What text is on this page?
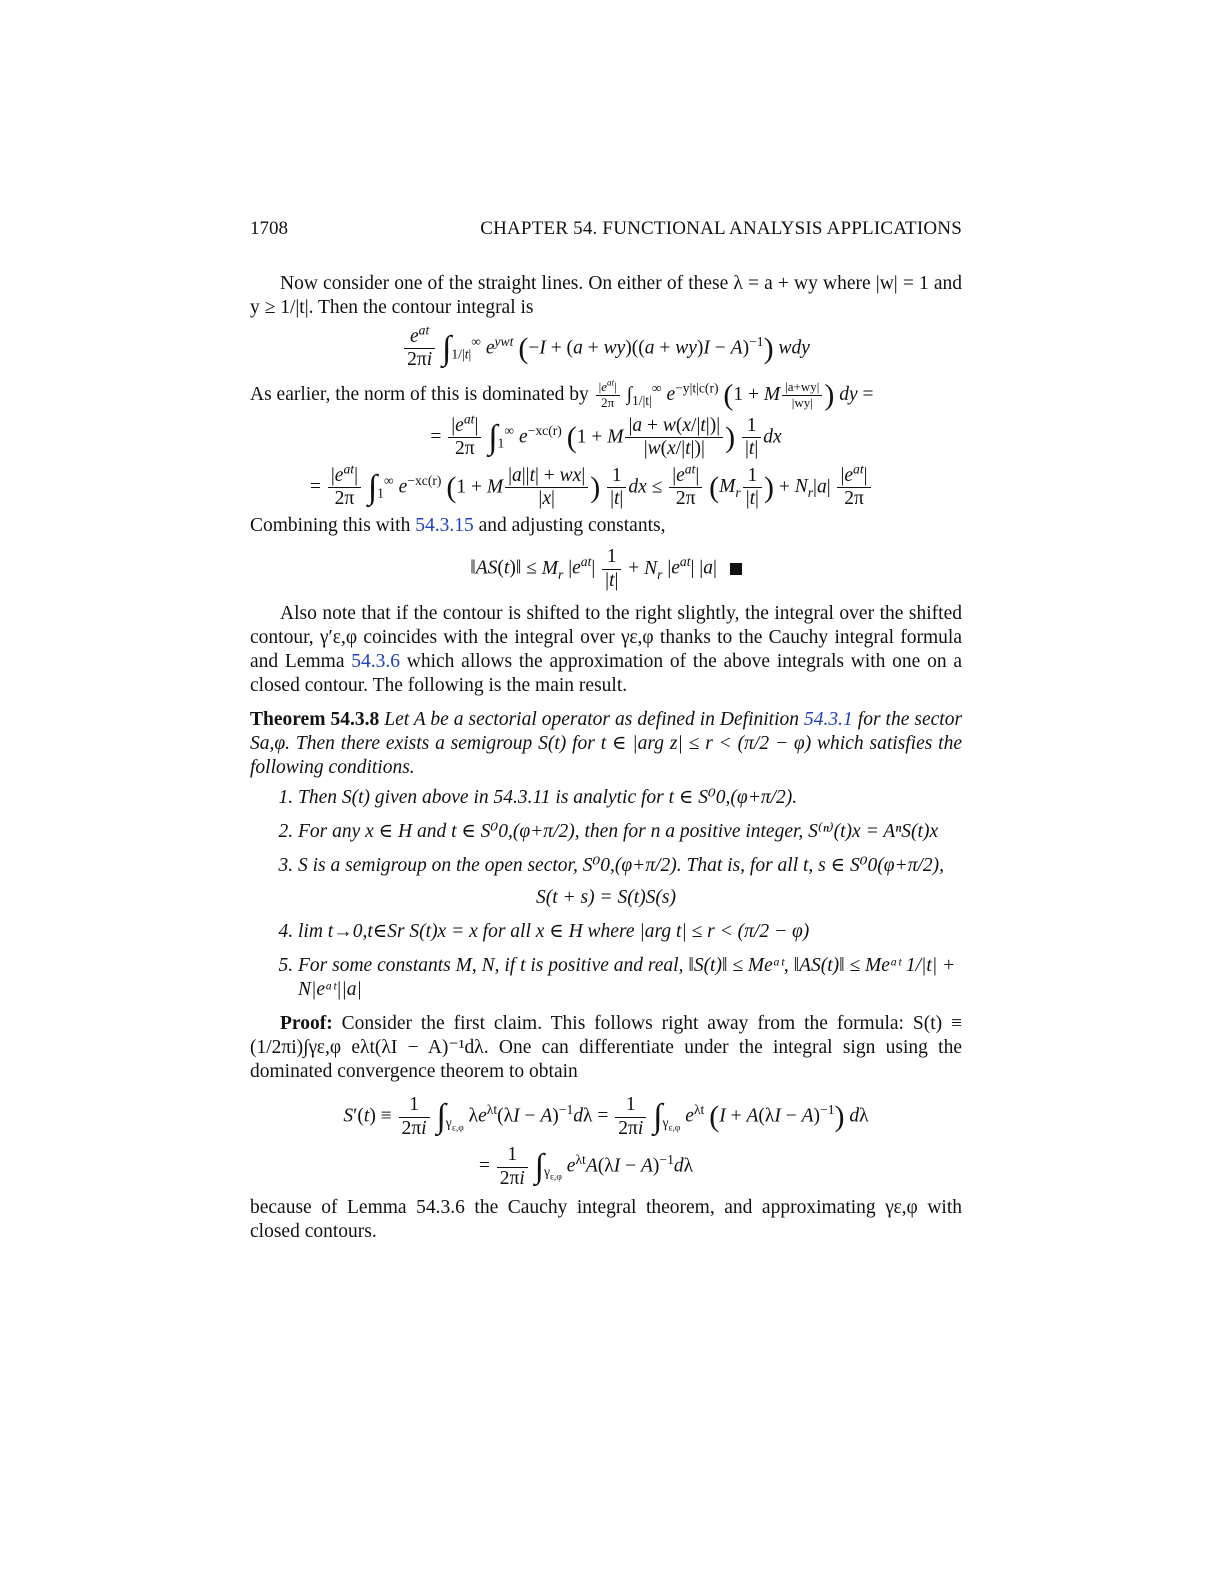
1708	CHAPTER 54. FUNCTIONAL ANALYSIS APPLICATIONS

Now consider one of the straight lines. On either of these λ = a + wy where |w| = 1 and y ≥ 1/|t|. Then the contour integral is

$\frac{e^{at}}{2\pi i} \int_{1/|t|}^\infty$ $e^{ywt}$ $(-I + (a + wy)((a + wy)I - A)^{-1})$ wdy

As earlier, the norm of this is dominated by $\frac{|e^{at}|}{2\pi} \int_{1/|t|}^\infty$ $e^{-y|t|c(r)}$ (1 + M $\frac{|a+wy|}{|wy|}$ ) dy =

= $\frac{|e^{at}|}{2\pi} \int_1^\infty$ $e^{-xc(r)}$ (1 + M $\frac{|a + w(x/|t|)|}{|w(x/|t|)|}$ ) $\frac{1}{|t|}$ dx
= $\frac{|e^{at}|}{2\pi} \int_1^\infty$ $e^{-xc(r)}$ (1 + M $\frac{|a||t| + wx|}{|x|}$ ) $\frac{1}{|t|}$ dx ≤ $\frac{|e^{at}|}{2\pi} (M_r \frac{1}{|t|}$ ) + $N_r|a| \frac{|e^{at}|}{2\pi}$

Combining this with 54.3.15 and adjusting constants,

‖AS(t)‖ ≤ $M_r$ $|e^{at}| \frac{1}{|t|} + N_r$ $|e^{at}|$ |a|

Also note that if the contour is shifted to the right slightly, the integral over the shifted contour, γ′ε,φ coincides with the integral over γε,φ thanks to the Cauchy integral formula and Lemma 54.3.6 which allows the approximation of the above integrals with one on a closed contour. The following is the main result.

Theorem 54.3.8 Let A be a sectorial operator as defined in Definition 54.3.1 for the sector Sa,φ. Then there exists a semigroup S(t) for t ∈ |arg z| ≤ r < (π/2 − φ) which satisfies the following conditions.

1. Then S(t) given above in 54.3.11 is analytic for t ∈ S⁰0,(φ+π/2).
2. For any x ∈ H and t ∈ S⁰0,(φ+π/2), then for n a positive integer, S⁽ⁿ⁾(t)x = AⁿS(t)x
3. S is a semigroup on the open sector, S⁰0,(φ+π/2). That is, for all t, s ∈ S⁰0(φ+π/2),
S(t + s) = S(t)S(s)
4. lim t→0,t∈Sr S(t)x = x for all x ∈ H where |arg t| ≤ r < (π/2 − φ)
5. For some constants M, N, if t is positive and real, ‖S(t)‖ ≤ Meᵃᵗ, ‖AS(t)‖ ≤ Meᵃᵗ 1/|t| + N|eᵃᵗ||a|

Proof: Consider the first claim. This follows right away from the formula: S(t) ≡ (1/2πi)∫γε,φ eλt(λI − A)⁻¹dλ. One can differentiate under the integral sign using the dominated convergence theorem to obtain

$S'(t) \equiv \frac{1}{2\pi i} \int_{\gamma_{\varepsilon,\varphi}}$ $\lambda e^{\lambda t}(\lambda I - A)^{-1}d\lambda = \frac{1}{2\pi i} \int_{\gamma_{\varepsilon,\varphi}}$ $e^{\lambda t}$ $(I + A(\lambda I - A)^{-1})$ dλ
= $\frac{1}{2\pi i} \int_{\gamma_{\varepsilon,\varphi}}$ $e^{\lambda t}A(\lambda I - A)^{-1}d\lambda$

because of Lemma 54.3.6 the Cauchy integral theorem, and approximating γε,φ with closed contours.
